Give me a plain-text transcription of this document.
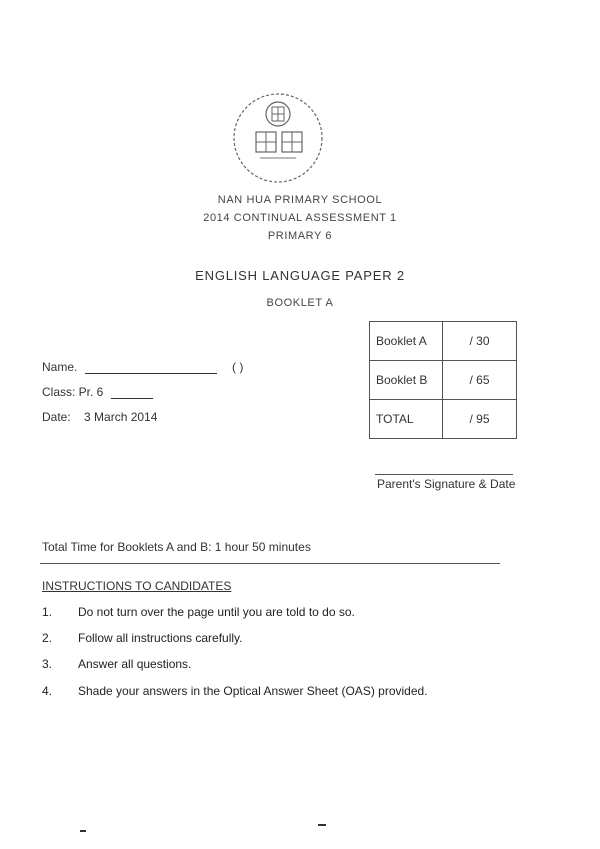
NAN HUA PRIMARY SCHOOL
2014 CONTINUAL ASSESSMENT 1
PRIMARY 6
ENGLISH LANGUAGE PAPER 2
BOOKLET A
Name.	( )
Class: Pr. 6
Date: 3 March 2014
Booklet A	/ 30
Booklet B	/ 65
TOTAL	/ 95
Parent's Signature & Date
Total Time for Booklets A and B: 1 hour 50 minutes
INSTRUCTIONS TO CANDIDATES
1. Do not turn over the page until you are told to do so.
2. Follow all instructions carefully.
3. Answer all questions.
4. Shade your answers in the Optical Answer Sheet (OAS) provided.
